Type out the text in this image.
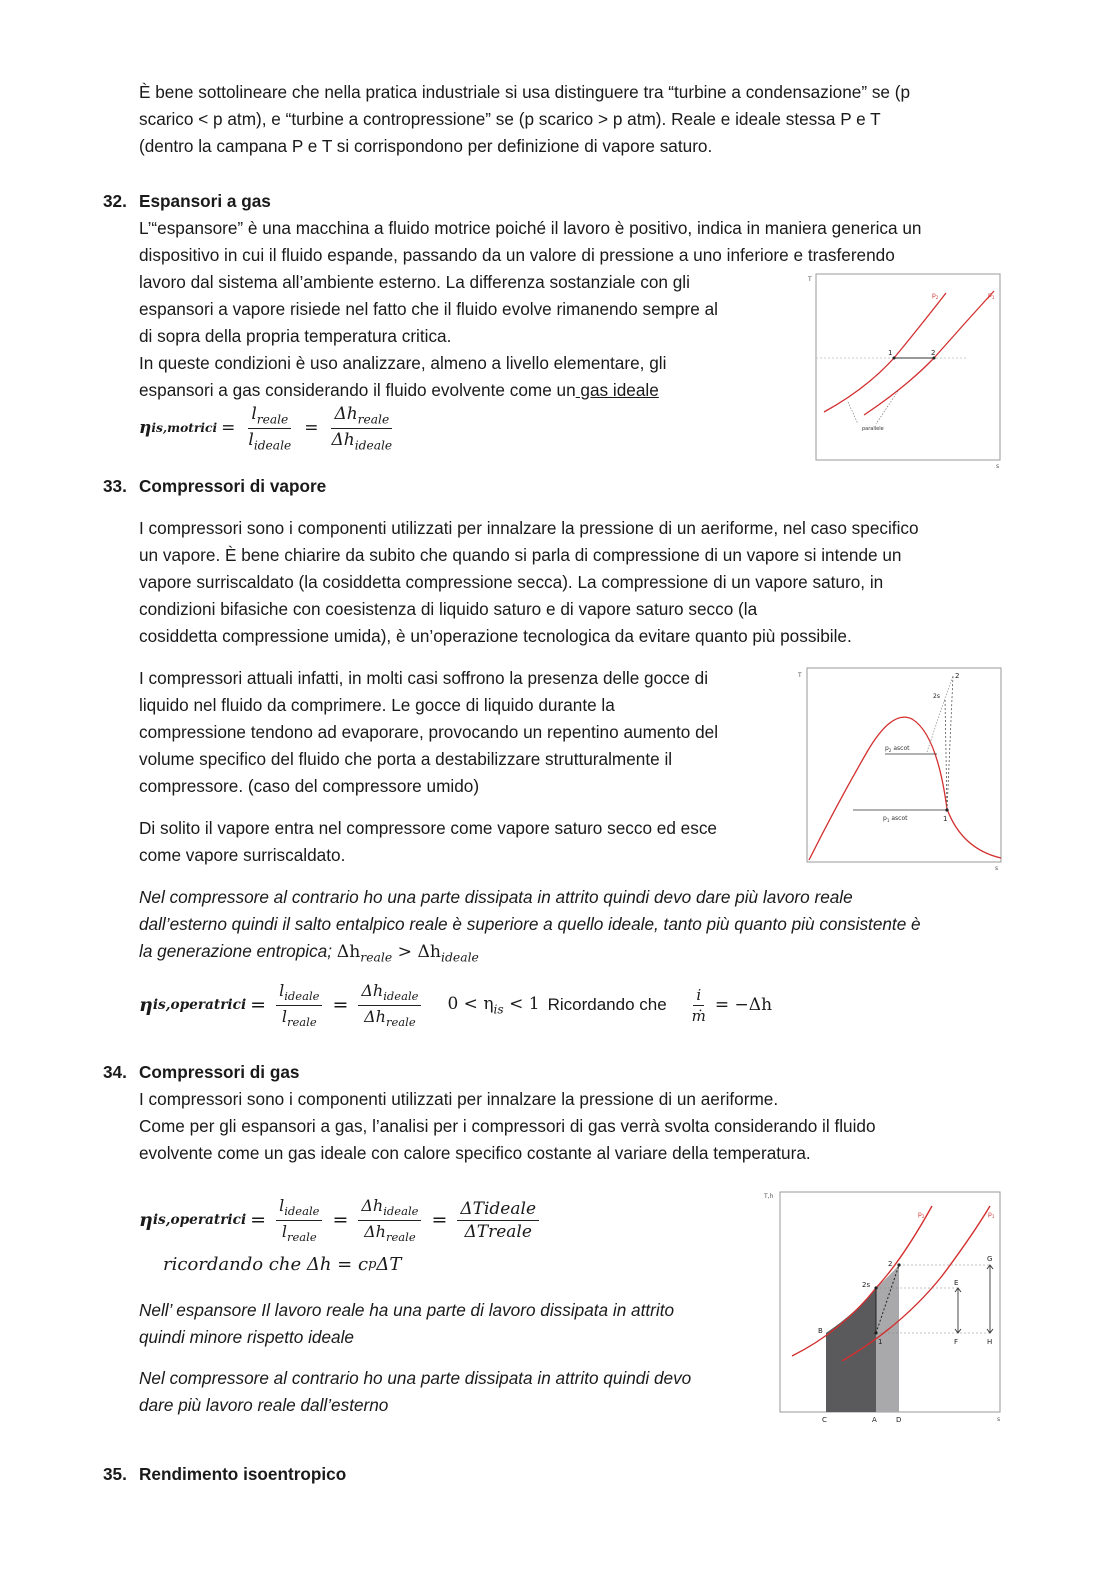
È bene sottolineare che nella pratica industriale si usa distinguere tra “turbine a condensazione” se (p

scarico < p atm), e “turbine a contropressione” se (p scarico > p atm). Reale e ideale stessa P e T

(dentro la campana P e T si corrispondono per definizione di vapore saturo.

32. Espansori a gas

L’“espansore” è una macchina a fluido motrice poiché il lavoro è positivo, indica in maniera generica un

dispositivo in cui il fluido espande, passando da un valore di pressione a uno inferiore e trasferendo

lavoro dal sistema all’ambiente esterno. La differenza sostanziale con gli

espansori a vapore risiede nel fatto che il fluido evolve rimanendo sempre al

di sopra della propria temperatura critica.

In queste condizioni è uso analizzare, almeno a livello elementare, gli

espansori a gas considerando il fluido evolvente come un gas ideale

η is,motrici = $\frac{l_{reale}}{l_{ideale}} = \frac{\Delta h_{reale}}{\Delta h_{ideale}}$
T
s
1	2
$p_2$	$p_1$
parallele
33. Compressori di vapore

I compressori sono i componenti utilizzati per innalzare la pressione di un aeriforme, nel caso specifico

un vapore. È bene chiarire da subito che quando si parla di compressione di un vapore si intende un

vapore surriscaldato (la cosiddetta compressione secca). La compressione di un vapore saturo, in

condizioni bifasiche con coesistenza di liquido saturo e di vapore saturo secco (la

cosiddetta compressione umida), è un’operazione tecnologica da evitare quanto più possibile.

I compressori attuali infatti, in molti casi soffrono la presenza delle gocce di

liquido nel fluido da comprimere. Le gocce di liquido durante la

compressione tendono ad evaporare, provocando un repentino aumento del

volume specifico del fluido che porta a destabilizzare strutturalmente il

compressore. (caso del compressore umido)

Di solito il vapore entra nel compressore come vapore saturo secco ed esce

come vapore surriscaldato.

Nel compressore al contrario ho una parte dissipata in attrito quindi devo dare più lavoro reale

dall’esterno quindi il salto entalpico reale è superiore a quello ideale, tanto più quanto più consistente è

la generazione entropica; $\Delta h_{reale} > \Delta h_{ideale}$

η is,operatrici = $\frac{l_{ideale}}{l_{reale}} = \frac{\Delta h_{ideale}}{\Delta h_{reale}} 0 < \eta_{is} < 1$ Ricordando che $\frac{i}{\text{ṁ}} = -\Delta h$
T
s
1
2
2s
$p_2$ ascot
$p_1$ ascot
34. Compressori di gas

I compressori sono i componenti utilizzati per innalzare la pressione di un aeriforme.

Come per gli espansori a gas, l’analisi per i compressori di gas verrà svolta considerando il fluido

evolvente come un gas ideale con calore specifico costante al variare della temperatura.

η is,operatrici = $\frac{l_{ideale}}{l_{reale}} = \frac{\Delta h_{ideale}}{\Delta h_{reale}} = \frac{\text{ΔTideale}}{\text{ΔTreale}}$
ricordando che Δh = c p ΔT

Nell’ espansore Il lavoro reale ha una parte di lavoro dissipata in attrito

quindi minore rispetto ideale

Nel compressore al contrario ho una parte dissipata in attrito quindi devo

dare più lavoro reale dall’esterno

T,h
s
2
2s
1
B
E
F
G
H
C	A	D
$p_2$	$p_1$
35. Rendimento isoentropico
